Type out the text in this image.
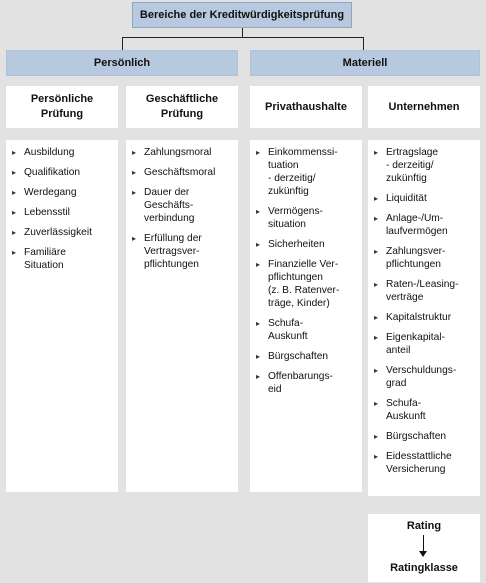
Bereiche der Kreditwürdigkeitsprüfung
Persönlich	Materiell
Persönliche
Prüfung
Geschäftliche
Prüfung
Privathaushalte	Unternehmen
▸ Ausbildung
▸ Qualifikation
▸ Werdegang
▸ Lebensstil
▸ Zuverlässigkeit
▸ Familiäre
Situation
▸ Zahlungsmoral
▸ Geschäftsmoral
▸ Dauer der
Geschäfts-
verbindung
▸ Erfüllung der
Vertragsver-
pflichtungen
▸ Einkommenssi-
tuation
- derzeitig/
zukünftig
▸ Vermögens-
situation
▸ Sicherheiten
▸ Finanzielle Ver-
pflichtungen
(z. B. Ratenver-
träge, Kinder)
▸ Schufa-
Auskunft
▸ Bürgschaften
▸ Offenbarungs-
eid
▸ Ertragslage
- derzeitig/
zukünftig
▸ Liquidität
▸ Anlage-/Um-
laufvermögen
▸ Zahlungsver-
pflichtungen
▸ Raten-/Leasing-
verträge
▸ Kapitalstruktur
▸ Eigenkapital-
anteil
▸ Verschuldungs-
grad
▸ Schufa-
Auskunft
▸ Bürgschaften
▸ Eidesstattliche
Versicherung
Rating
Ratingklasse
